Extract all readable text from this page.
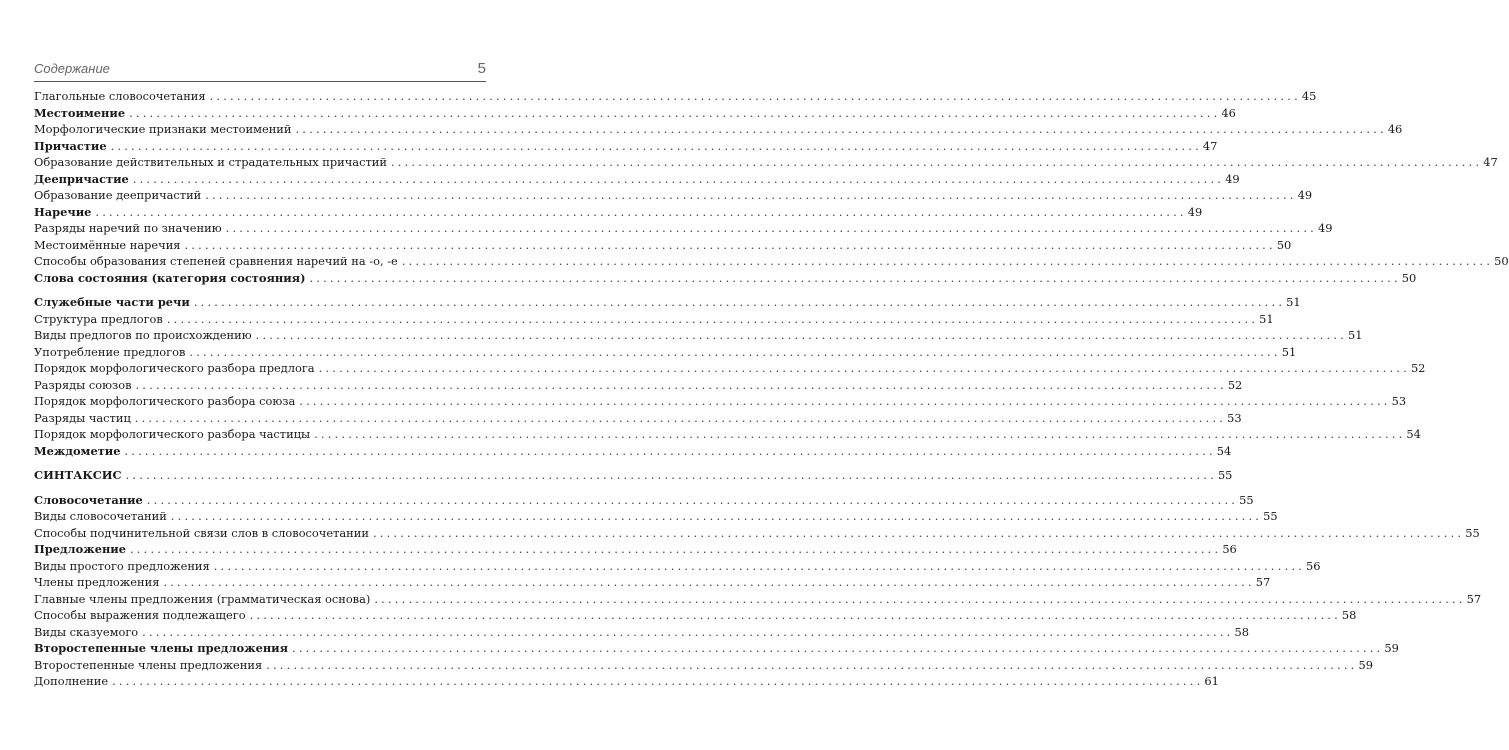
Содержание	5
Глагольные словосочетания ................................................................................................................................................................ 45
Местоимение ................................................................................................................................................................ 46
Морфологические признаки местоимений ................................................................................................................................................................ 46
Причастие ................................................................................................................................................................ 47
Образование действительных и страдательных причастий ................................................................................................................................................................ 47
Деепричастие ................................................................................................................................................................ 49
Образование деепричастий ................................................................................................................................................................ 49
Наречие ................................................................................................................................................................ 49
Разряды наречий по значению ................................................................................................................................................................ 49
Местоимённые наречия ................................................................................................................................................................ 50
Способы образования степеней сравнения наречий на -о, -е ................................................................................................................................................................ 50
Слова состояния (категория состояния) ................................................................................................................................................................ 50
Служебные части речи ................................................................................................................................................................ 51
Структура предлогов ................................................................................................................................................................ 51
Виды предлогов по происхождению ................................................................................................................................................................ 51
Употребление предлогов ................................................................................................................................................................ 51
Порядок морфологического разбора предлога ................................................................................................................................................................ 52
Разряды союзов ................................................................................................................................................................ 52
Порядок морфологического разбора союза ................................................................................................................................................................ 53
Разряды частиц ................................................................................................................................................................ 53
Порядок морфологического разбора частицы ................................................................................................................................................................ 54
Междометие ................................................................................................................................................................ 54
СИНТАКСИС ................................................................................................................................................................ 55
Словосочетание ................................................................................................................................................................ 55
Виды словосочетаний ................................................................................................................................................................ 55
Способы подчинительной связи слов в словосочетании ................................................................................................................................................................ 55
Предложение ................................................................................................................................................................ 56
Виды простого предложения ................................................................................................................................................................ 56
Члены предложения ................................................................................................................................................................ 57
Главные члены предложения (грамматическая основа) ................................................................................................................................................................ 57
Способы выражения подлежащего ................................................................................................................................................................ 58
Виды сказуемого ................................................................................................................................................................ 58
Второстепенные члены предложения ................................................................................................................................................................ 59
Второстепенные члены предложения ................................................................................................................................................................ 59
Дополнение ................................................................................................................................................................ 61
